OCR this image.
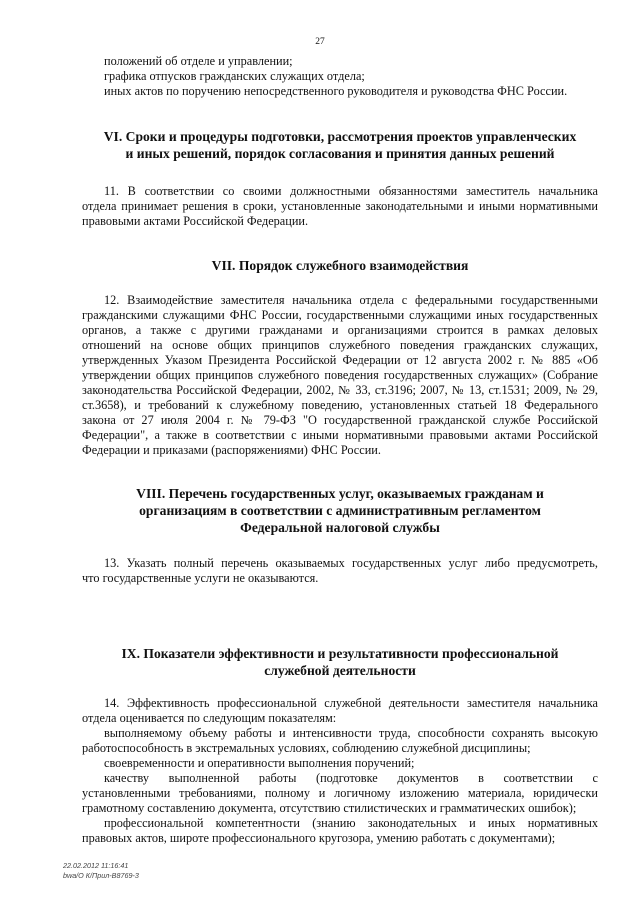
27
положений об отделе и управлении;
графика отпусков гражданских служащих отдела;
иных актов по поручению непосредственного руководителя и руководства ФНС России.
VI. Сроки и процедуры подготовки, рассмотрения проектов управленческих
и иных решений, порядок согласования и принятия данных решений
11. В соответствии со своими должностными обязанностями заместитель начальника
отдела принимает решения в сроки, установленные законодательными и иными нормативными
правовыми актами Российской Федерации.
VII. Порядок служебного взаимодействия
12. Взаимодействие заместителя начальника отдела с федеральными государственными
гражданскими служащими ФНС России, государственными служащими иных государственных
органов, а также с другими гражданами и организациями строится в рамках деловых
отношений на основе общих принципов служебного поведения гражданских служащих,
утвержденных Указом Президента Российской Федерации от 12 августа 2002 г. № 885 «Об
утверждении общих принципов служебного поведения государственных служащих» (Собрание
законодательства Российской Федерации, 2002, № 33, ст.3196; 2007, № 13, ст.1531; 2009, № 29,
ст.3658), и требований к служебному поведению, установленных статьей 18 Федерального
закона от 27 июля 2004 г. № 79-ФЗ "О государственной гражданской службе Российской
Федерации", а также в соответствии с иными нормативными правовыми актами Российской
Федерации и приказами (распоряжениями) ФНС России.
VIII. Перечень государственных услуг, оказываемых гражданам и
организациям в соответствии с административным регламентом
Федеральной налоговой службы
13. Указать полный перечень оказываемых государственных услуг либо предусмотреть,
что государственные услуги не оказываются.
IX. Показатели эффективности и результативности профессиональной
служебной деятельности
14. Эффективность профессиональной служебной деятельности заместителя начальника
отдела оценивается по следующим показателям:
выполняемому объему работы и интенсивности труда, способности сохранять высокую
работоспособность в экстремальных условиях, соблюдению служебной дисциплины;
своевременности и оперативности выполнения поручений;
качеству выполненной работы (подготовке документов в соответствии с
установленными требованиями, полному и логичному изложению материала, юридически
грамотному составлению документа, отсутствию стилистических и грамматических ошибок);
профессиональной компетентности (знанию законодательных и иных нормативных
правовых актов, широте профессионального кругозора, умению работать с документами);
22.02.2012 11:16:41
bwa/О К/Прил-B8769-3
